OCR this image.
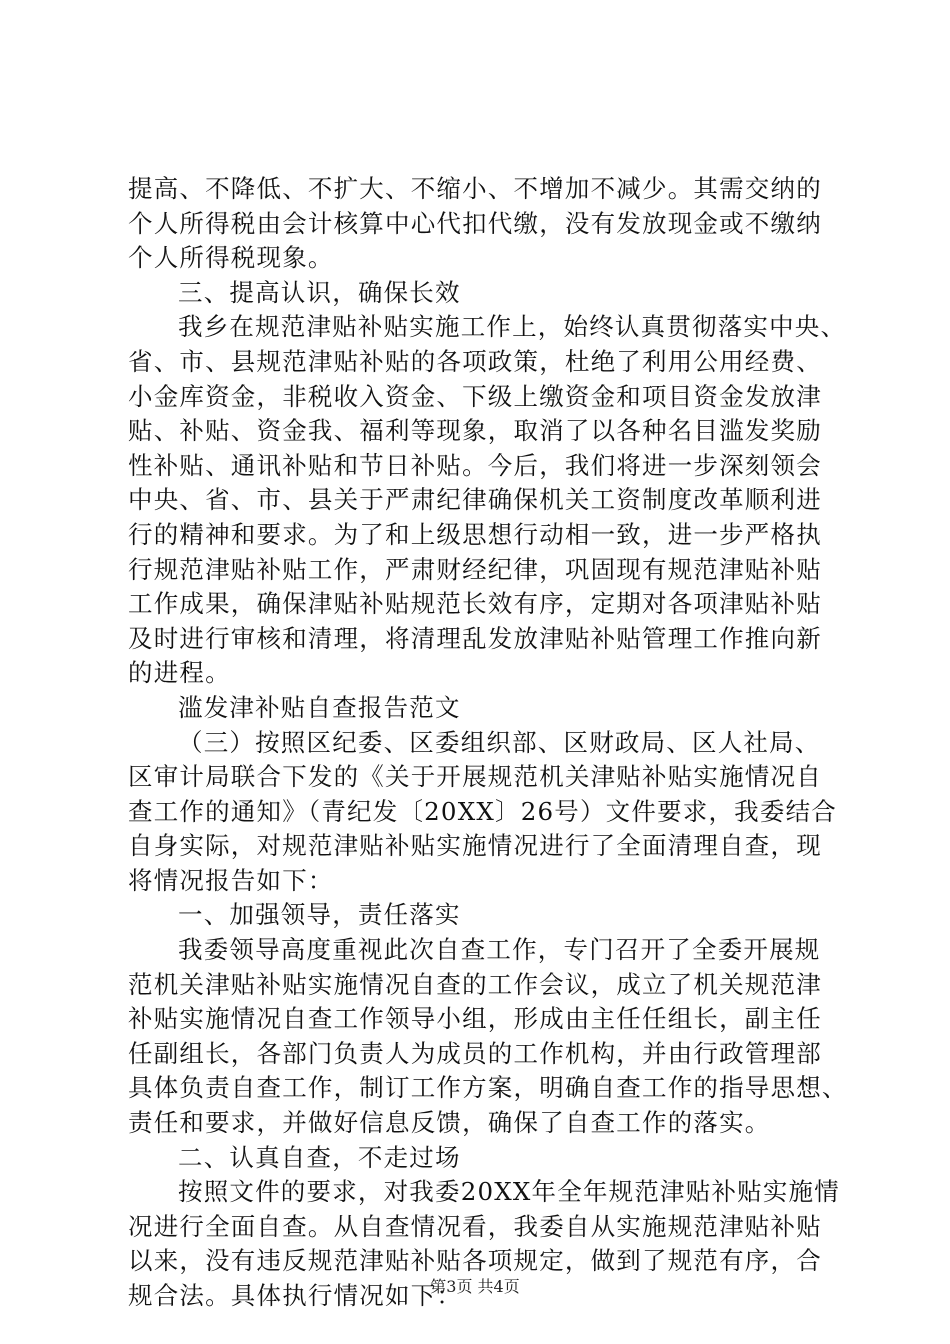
提高、不降低、不扩大、不缩小、不增加不减少。其需交纳的
个人所得税由会计核算中心代扣代缴，没有发放现金或不缴纳
个人所得税现象。
三、提高认识，确保长效
我乡在规范津贴补贴实施工作上，始终认真贯彻落实中央、
省、市、县规范津贴补贴的各项政策，杜绝了利用公用经费、
小金库资金，非税收入资金、下级上缴资金和项目资金发放津
贴、补贴、资金我、福利等现象，取消了以各种名目滥发奖励
性补贴、通讯补贴和节日补贴。今后，我们将进一步深刻领会
中央、省、市、县关于严肃纪律确保机关工资制度改革顺利进
行的精神和要求。为了和上级思想行动相一致，进一步严格执
行规范津贴补贴工作，严肃财经纪律，巩固现有规范津贴补贴
工作成果，确保津贴补贴规范长效有序，定期对各项津贴补贴
及时进行审核和清理，将清理乱发放津贴补贴管理工作推向新
的进程。
滥发津补贴自查报告范文
（三）按照区纪委、区委组织部、区财政局、区人社局、
区审计局联合下发的《关于开展规范机关津贴补贴实施情况自
查工作的通知》（青纪发〔20XX〕26号）文件要求，我委结合
自身实际，对规范津贴补贴实施情况进行了全面清理自查，现
将情况报告如下：
一、加强领导，责任落实
我委领导高度重视此次自查工作，专门召开了全委开展规
范机关津贴补贴实施情况自查的工作会议，成立了机关规范津
补贴实施情况自查工作领导小组，形成由主任任组长，副主任
任副组长，各部门负责人为成员的工作机构，并由行政管理部
具体负责自查工作，制订工作方案，明确自查工作的指导思想、
责任和要求，并做好信息反馈，确保了自查工作的落实。
二、认真自查，不走过场
按照文件的要求，对我委20XX年全年规范津贴补贴实施情
况进行全面自查。从自查情况看，我委自从实施规范津贴补贴
以来，没有违反规范津贴补贴各项规定，做到了规范有序，合
规合法。具体执行情况如下：
第3页 共4页
